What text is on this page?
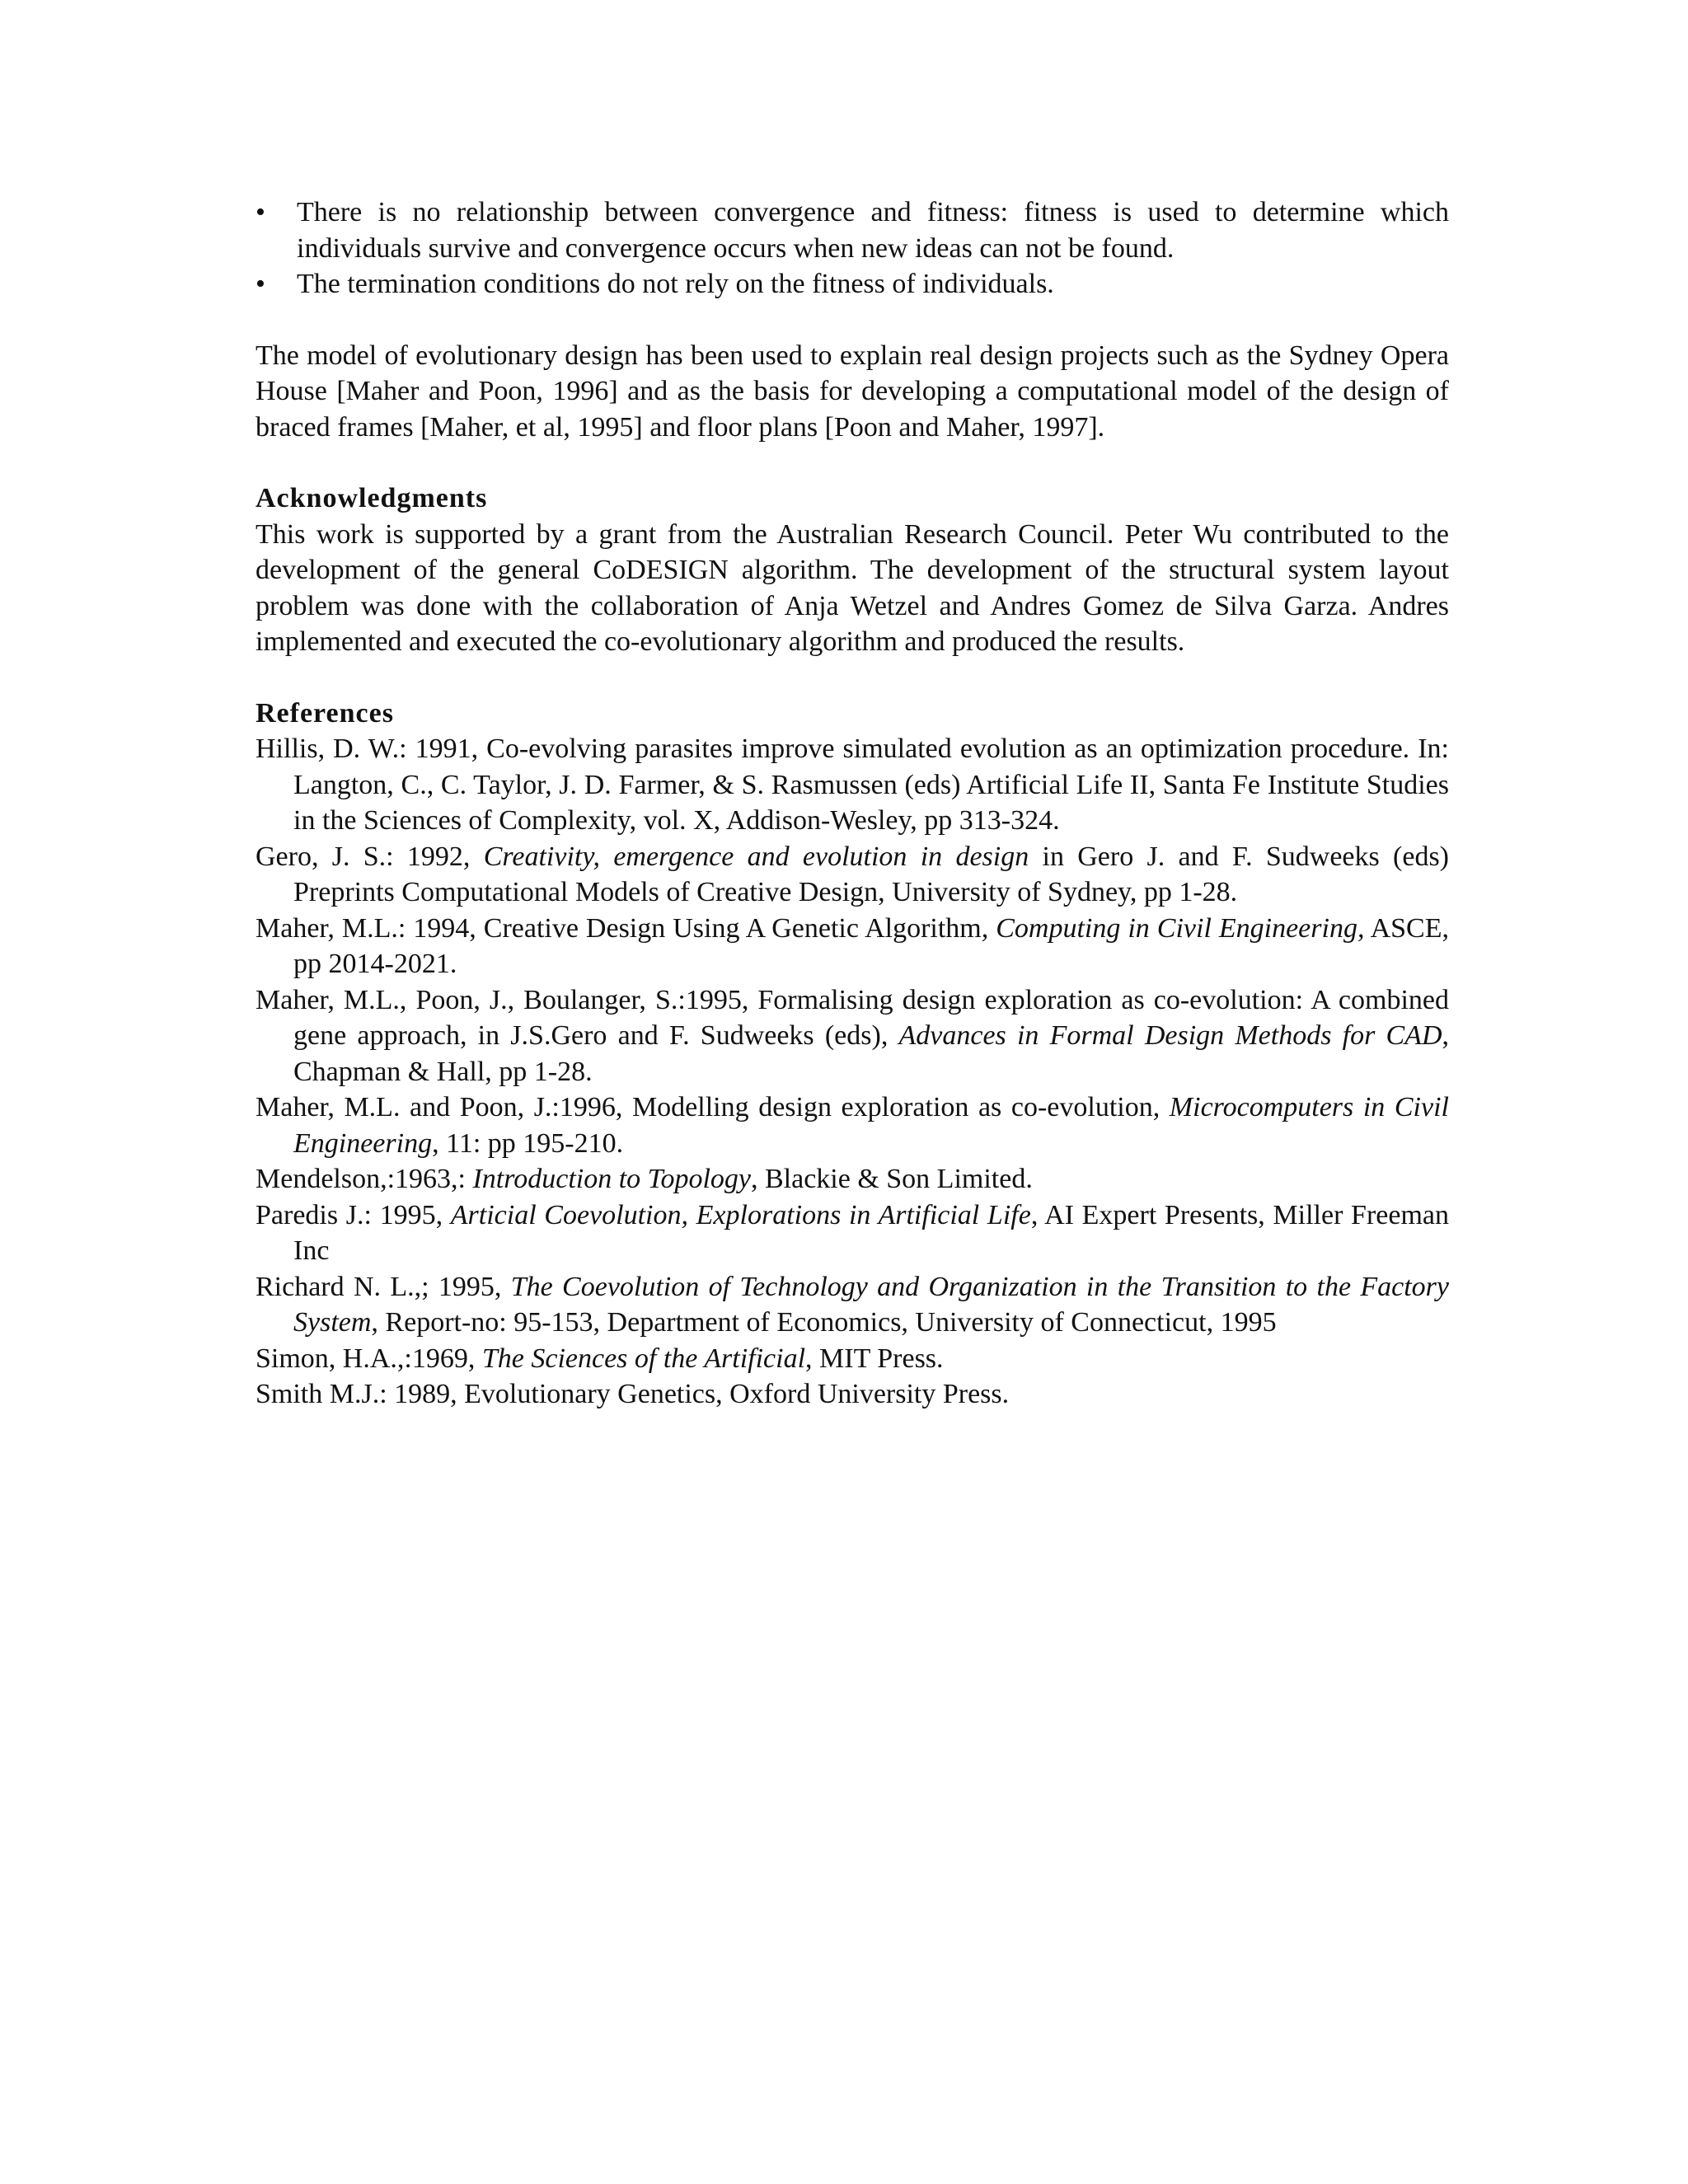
• There is no relationship between convergence and fitness: fitness is used to determine which individuals survive and convergence occurs when new ideas can not be found.
• The termination conditions do not rely on the fitness of individuals.

The model of evolutionary design has been used to explain real design projects such as the Sydney Opera House [Maher and Poon, 1996] and as the basis for developing a computational model of the design of braced frames [Maher, et al, 1995] and floor plans [Poon and Maher, 1997].

Acknowledgments

This work is supported by a grant from the Australian Research Council. Peter Wu contributed to the development of the general CoDESIGN algorithm. The development of the structural system layout problem was done with the collaboration of Anja Wetzel and Andres Gomez de Silva Garza. Andres implemented and executed the co-evolutionary algorithm and produced the results.

References
Hillis, D. W.: 1991, Co-evolving parasites improve simulated evolution as an optimization procedure. In: Langton, C., C. Taylor, J. D. Farmer, & S. Rasmussen (eds) Artificial Life II, Santa Fe Institute Studies in the Sciences of Complexity, vol. X, Addison-Wesley, pp 313-324.
Gero, J. S.: 1992, Creativity, emergence and evolution in design in Gero J. and F. Sudweeks (eds) Preprints Computational Models of Creative Design, University of Sydney, pp 1-28.
Maher, M.L.: 1994, Creative Design Using A Genetic Algorithm, Computing in Civil Engineering, ASCE, pp 2014-2021.
Maher, M.L., Poon, J., Boulanger, S.:1995, Formalising design exploration as co-evolution: A combined gene approach, in J.S.Gero and F. Sudweeks (eds), Advances in Formal Design Methods for CAD, Chapman & Hall, pp 1-28.
Maher, M.L. and Poon, J.:1996, Modelling design exploration as co-evolution, Microcomputers in Civil Engineering, 11: pp 195-210.
Mendelson,:1963,: Introduction to Topology, Blackie & Son Limited.
Paredis J.: 1995, Articial Coevolution, Explorations in Artificial Life, AI Expert Presents, Miller Freeman Inc
Richard N. L.,; 1995, The Coevolution of Technology and Organization in the Transition to the Factory System, Report-no: 95-153, Department of Economics, University of Connecticut, 1995
Simon, H.A.,:1969, The Sciences of the Artificial, MIT Press.
Smith M.J.: 1989, Evolutionary Genetics, Oxford University Press.
